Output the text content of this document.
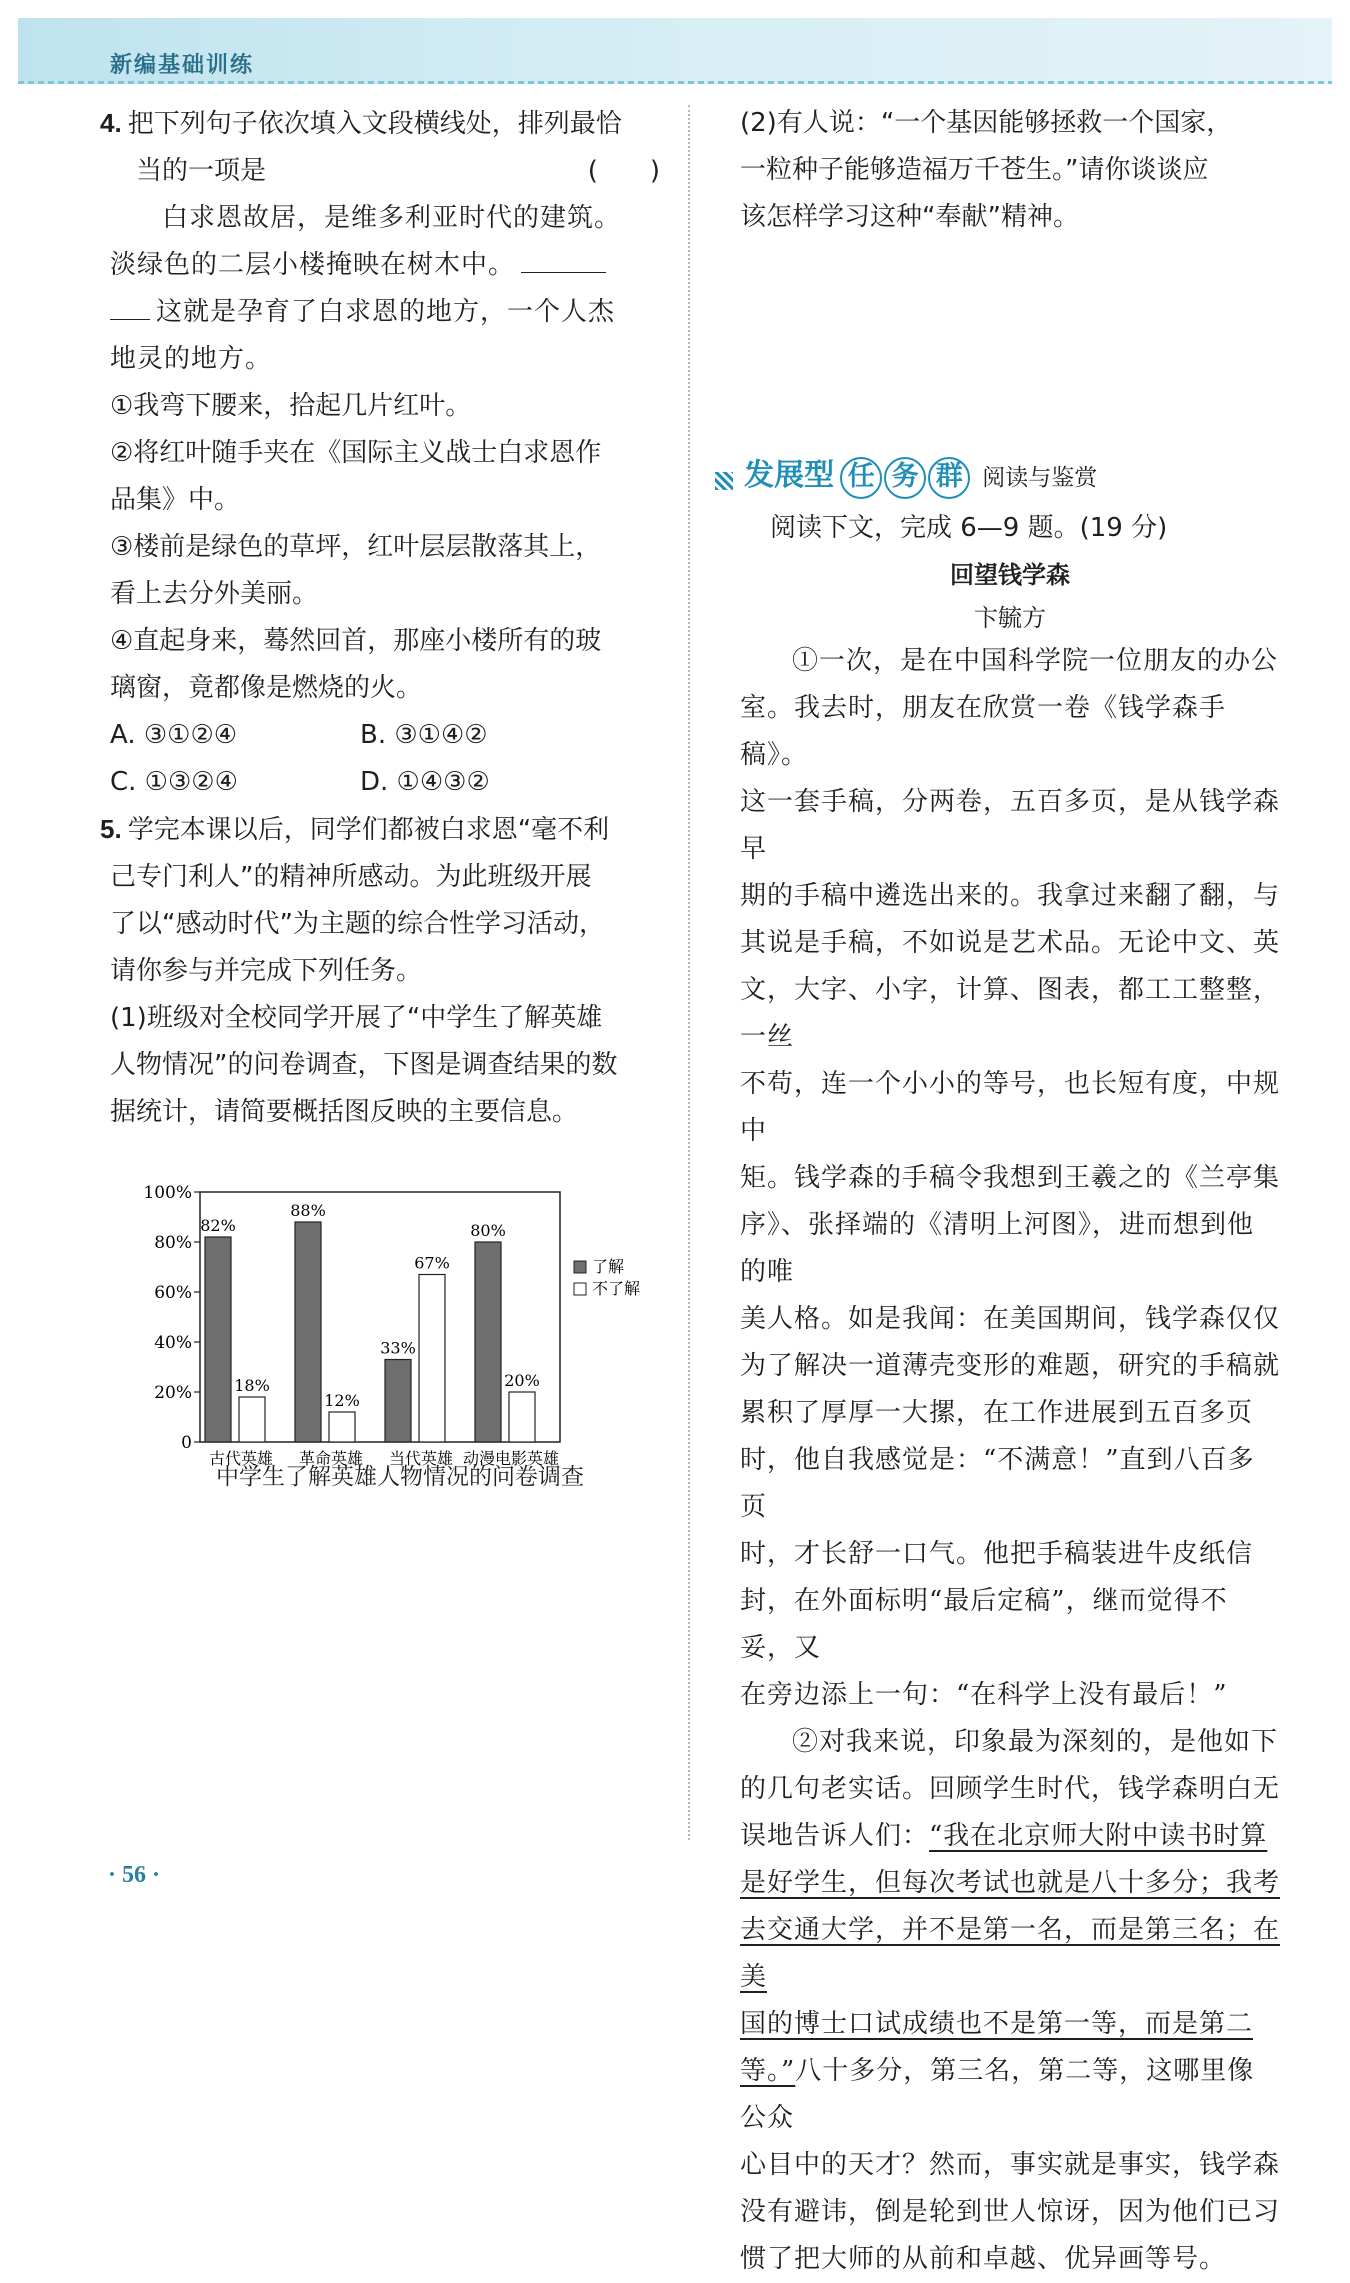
新编基础训练

4. 把下列句子依次填入文段横线处，排列最恰

当的一项是	(　　)

白求恩故居，是维多利亚时代的建筑。

淡绿色的二层小楼掩映在树木中。

这就是孕育了白求恩的地方，一个人杰

地灵的地方。

①我弯下腰来，拾起几片红叶。

②将红叶随手夹在《国际主义战士白求恩作

品集》中。

③楼前是绿色的草坪，红叶层层散落其上，

看上去分外美丽。

④直起身来，蓦然回首，那座小楼所有的玻

璃窗，竟都像是燃烧的火。

A. ③①②④	B. ③①④②
C. ①③②④	D. ①④③②

5. 学完本课以后，同学们都被白求恩“毫不利

己专门利人”的精神所感动。为此班级开展

了以“感动时代”为主题的综合性学习活动，

请你参与并完成下列任务。

(1)班级对全校同学开展了“中学生了解英雄

人物情况”的问卷调查，下图是调查结果的数

据统计，请简要概括图反映的主要信息。

0
20%
40%
60%
80%
100%
82%
18%
古代英雄
88%
12%
革命英雄
33%
67%
当代英雄
80%
20%
动漫电影英雄
了解
不了解
中学生了解英雄人物情况的问卷调查

(2)有人说：“一个基因能够拯救一个国家，

一粒种子能够造福万千苍生。”请你谈谈应

该怎样学习这种“奉献”精神。

发展型 任 务 群 阅读与鉴赏

阅读下文，完成 6—9 题。(19 分)

回望钱学森

卞毓方

①一次，是在中国科学院一位朋友的办公

室。我去时，朋友在欣赏一卷《钱学森手稿》。

这一套手稿，分两卷，五百多页，是从钱学森早

期的手稿中遴选出来的。我拿过来翻了翻，与

其说是手稿，不如说是艺术品。无论中文、英

文，大字、小字，计算、图表，都工工整整，一丝

不苟，连一个小小的等号，也长短有度，中规中

矩。钱学森的手稿令我想到王羲之的《兰亭集

序》、张择端的《清明上河图》，进而想到他的唯

美人格。如是我闻：在美国期间，钱学森仅仅

为了解决一道薄壳变形的难题，研究的手稿就

累积了厚厚一大摞，在工作进展到五百多页

时，他自我感觉是：“不满意！”直到八百多页

时，才长舒一口气。他把手稿装进牛皮纸信

封，在外面标明“最后定稿”，继而觉得不妥，又

在旁边添上一句：“在科学上没有最后！”

②对我来说，印象最为深刻的，是他如下

的几句老实话。回顾学生时代，钱学森明白无

误地告诉人们：“我在北京师大附中读书时算

是好学生，但每次考试也就是八十多分；我考

去交通大学，并不是第一名，而是第三名；在美

国的博士口试成绩也不是第一等，而是第二

等。”八十多分，第三名，第二等，这哪里像公众

心目中的天才？然而，事实就是事实，钱学森

没有避讳，倒是轮到世人惊讶，因为他们已习

惯了把大师的从前和卓越、优异画等号。

· 56 ·
